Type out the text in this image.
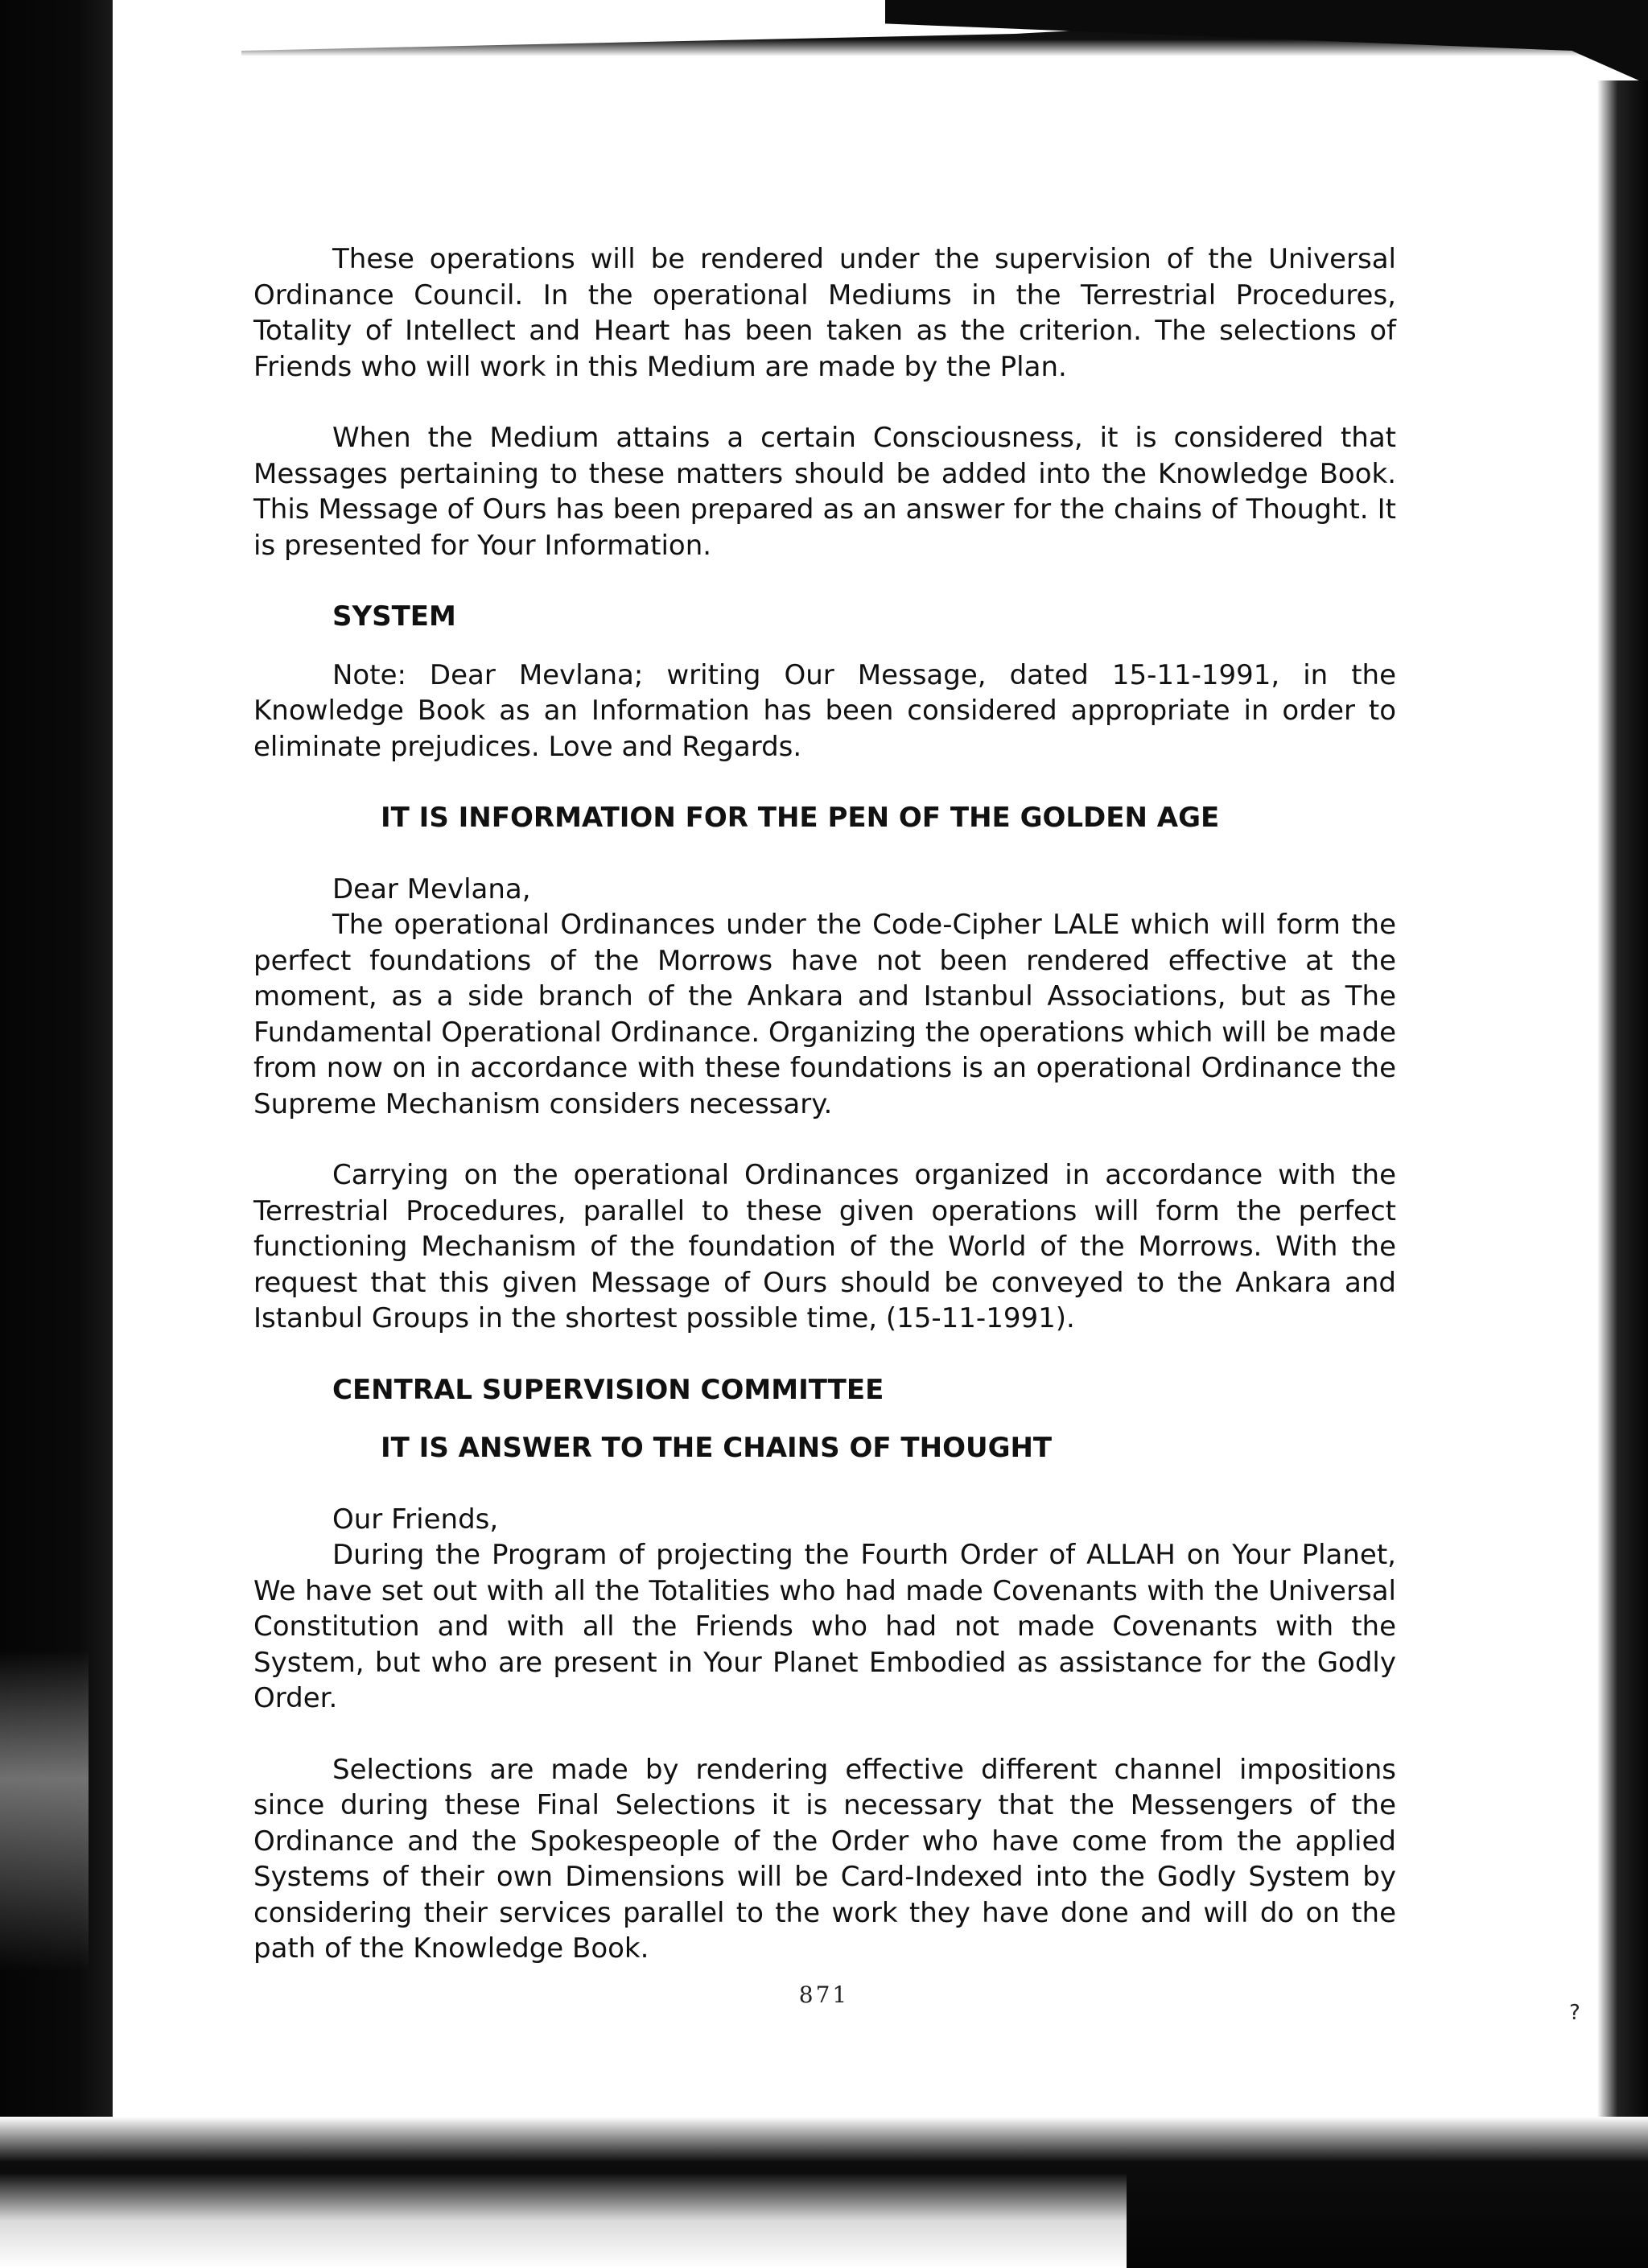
These operations will be rendered under the supervision of the Universal Ordinance Council. In the operational Mediums in the Terrestrial Procedures, Totality of Intellect and Heart has been taken as the criterion. The selections of Friends who will work in this Medium are made by the Plan.

When the Medium attains a certain Consciousness, it is considered that Messages pertaining to these matters should be added into the Knowledge Book. This Message of Ours has been prepared as an answer for the chains of Thought. It is presented for Your Information.

SYSTEM

Note: Dear Mevlana; writing Our Message, dated 15-11-1991, in the Knowledge Book as an Information has been considered appropriate in order to eliminate prejudices. Love and Regards.

IT IS INFORMATION FOR THE PEN OF THE GOLDEN AGE

Dear Mevlana,

The operational Ordinances under the Code-Cipher LALE which will form the perfect foundations of the Morrows have not been rendered effective at the moment, as a side branch of the Ankara and Istanbul Associations, but as The Fundamental Operational Ordinance. Organizing the operations which will be made from now on in accordance with these foundations is an operational Ordinance the Supreme Mechanism considers necessary.

Carrying on the operational Ordinances organized in accordance with the Terrestrial Procedures, parallel to these given operations will form the perfect functioning Mechanism of the foundation of the World of the Morrows. With the request that this given Message of Ours should be conveyed to the Ankara and Istanbul Groups in the shortest possible time, (15-11-1991).

CENTRAL SUPERVISION COMMITTEE

IT IS ANSWER TO THE CHAINS OF THOUGHT

Our Friends,

During the Program of projecting the Fourth Order of ALLAH on Your Planet, We have set out with all the Totalities who had made Covenants with the Universal Constitution and with all the Friends who had not made Covenants with the System, but who are present in Your Planet Embodied as assistance for the Godly Order.

Selections are made by rendering effective different channel impositions since during these Final Selections it is necessary that the Messengers of the Ordinance and the Spokespeople of the Order who have come from the applied Systems of their own Dimensions will be Card-Indexed into the Godly System by considering their services parallel to the work they have done and will do on the path of the Knowledge Book.

871
?
